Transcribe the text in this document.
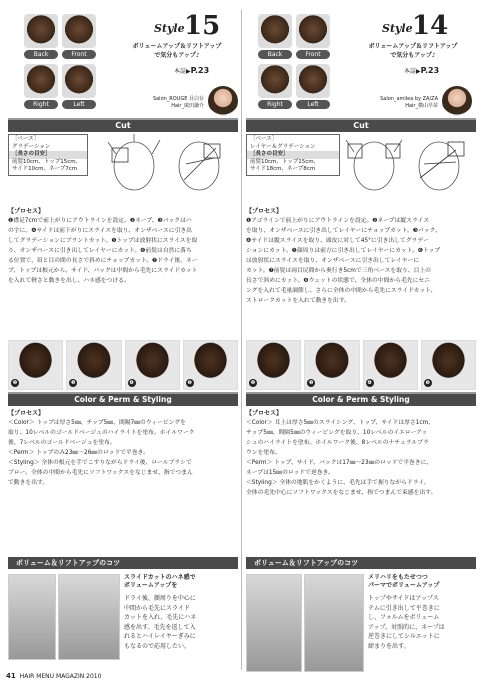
Back	Front
Right	Left
Style 15
ボリュームアップ＆リフトアップ
で気分もアップ♪
本誌▶P.23
Salon_ROUGE 目白台
Hair_廣田謙介
Cut
［ベース］
グラデーション
［長さの目安］
前髪10cm、トップ15cm、
サイド10cm、ネープ7cm
【プロセス】
❶襟足7cmで前上がりにアウトラインを設定。❷ネープ、❸バックはハ
の字に。❹サイドは前下がりにスライスを取り、オンザベースに引き出
してグラデーションにブラントカット。❺トップは放射状にスライスを取
り、オンザベースに引き出してレイヤーにカット。❻前髪は自然に落ち
る位置で、眉と目の間の長さで斜めにチョップカット。❼ドライ後、ネー
プ、トップは根元から、サイド、バックは中間から毛先にスライドカット
を入れて軽さと動きを出し、ハネ感をつける。
❷	❸	❹	❺
Color & Perm & Styling
【プロセス】
＜Color＞ トップは厚さ5㎜、チップ5㎜、間隔7㎜のウィービングを
取り、10レベルのゴールドベージュのハイライトを塗布。ホイルワーク
後、7レベルのゴールドベージュを塗布。
＜Perm＞ トップのみ23㎜〜26㎜のロッドで平巻き。
＜Styling＞ 全体の根元を手でこすりながらドライ後、ロールブラシで
ブロー。全体の中間から毛先にソフトワックスをなじませ、指でつまん
で動きを出す。
ボリューム＆リフトアップのコツ
スライドカットのハネ感で
ボリュームアップを
ドライ後、顔周りを中心に
中間から毛先にスライド
カットを入れ、毛先にハネ
感を出す。毛先を返して入
れるとハイレイヤーぎみに
もなるので応用したい。
Back	Front
Right	Left
Style 14
ボリュームアップ＆リフトアップ
で気分もアップ♪
本誌▶P.23
Salon_amilea by ZA/ZA
Hair_横山早苗
Cut
［ベース］
レイヤー＆グラデーション
［長さの目安］
前髪10cm、トップ15cm、
サイド18cm、ネープ8cm
【プロセス】
❶アゴラインで前上がりにアウトラインを設定。❷ネープは縦スライス
を取り、オンザベースに引き出してレイヤーにチョップカット。❸バック、
❹サイドは縦スライスを取り、頭皮に対して45°に引き出してグラデー
ションにカット。❺顔周りは前方に引き出してレイヤーにカット。❻トップ
は放射状にスライスを取り、オンザベースに引き出してレイヤーに
カット。❼前髪は両目尻間から奥行き5cmで三角ベースを取り、目上の
長さで斜めにカット。❽ウェットの状態で、全体の中間から毛先にセニ
ングを入れて毛量調節し、さらに全体の中間から毛先にスライドカット、
ストロークカットを入れて動きを出す。
❷	❸	❹	❺
Color & Perm & Styling
【プロセス】
＜Color＞ 耳上は厚さ5㎜のスライシング、トップ、サイドは厚さ1cm、
チップ5㎜、間隔5㎜のウィービングを取り、10レベルのイエローアッ
シュのハイライトを塗布。ホイルワーク後、8レベルのナチュラルブラ
ウンを塗布。
＜Perm＞ トップ、サイド、バックは17㎜〜23㎜のロッドで平巻きに、
ネープは15㎜のロッドで逆巻き。
＜Styling＞ 全体の地肌をかくように、毛先は手で握りながらドライ。
全体の毛先中心にソフトワックスをなじませ、指でつまんで束感を出す。
ボリューム＆リフトアップのコツ
メリハリをもたせつつ
パーマでボリュームアップ
トップやサイドはアップス
テムに引き出して平巻きに
し、フォルムをボリューム
アップ。対照的に、ネープは
逆巻きにしてシルエットに
締まりを出す。
41 HAIR MENU MAGAZIN 2010
